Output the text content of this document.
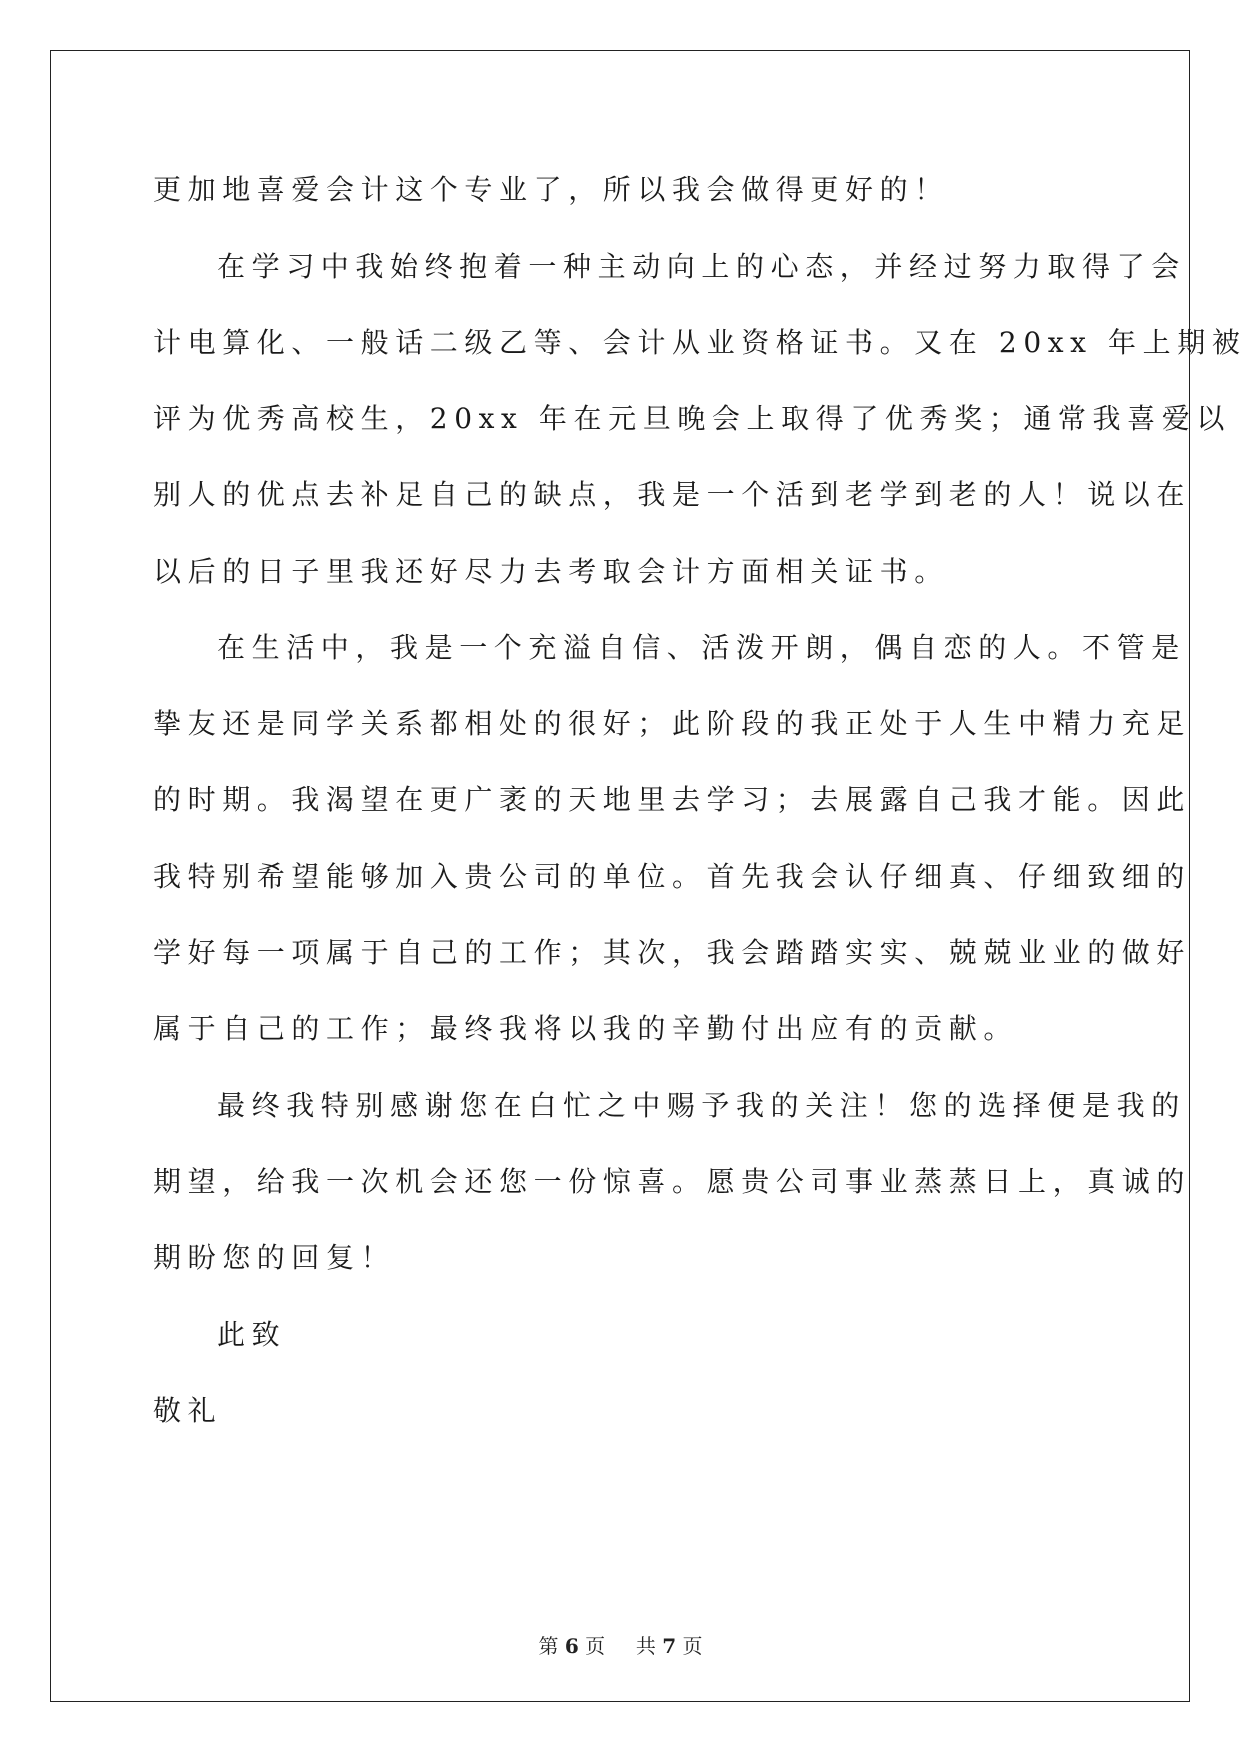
更加地喜爱会计这个专业了，所以我会做得更好的！
在学习中我始终抱着一种主动向上的心态，并经过努力取得了会
计电算化、一般话二级乙等、会计从业资格证书。又在 20xx 年上期被
评为优秀高校生，20xx 年在元旦晚会上取得了优秀奖；通常我喜爱以
别人的优点去补足自己的缺点，我是一个活到老学到老的人！说以在
以后的日子里我还好尽力去考取会计方面相关证书。
在生活中，我是一个充溢自信、活泼开朗，偶自恋的人。不管是
挚友还是同学关系都相处的很好；此阶段的我正处于人生中精力充足
的时期。我渴望在更广袤的天地里去学习；去展露自己我才能。因此
我特别希望能够加入贵公司的单位。首先我会认仔细真、仔细致细的
学好每一项属于自己的工作；其次，我会踏踏实实、兢兢业业的做好
属于自己的工作；最终我将以我的辛勤付出应有的贡献。
最终我特别感谢您在白忙之中赐予我的关注！您的选择便是我的
期望，给我一次机会还您一份惊喜。愿贵公司事业蒸蒸日上，真诚的
期盼您的回复！
此致
敬礼
第 6 页 共 7 页
